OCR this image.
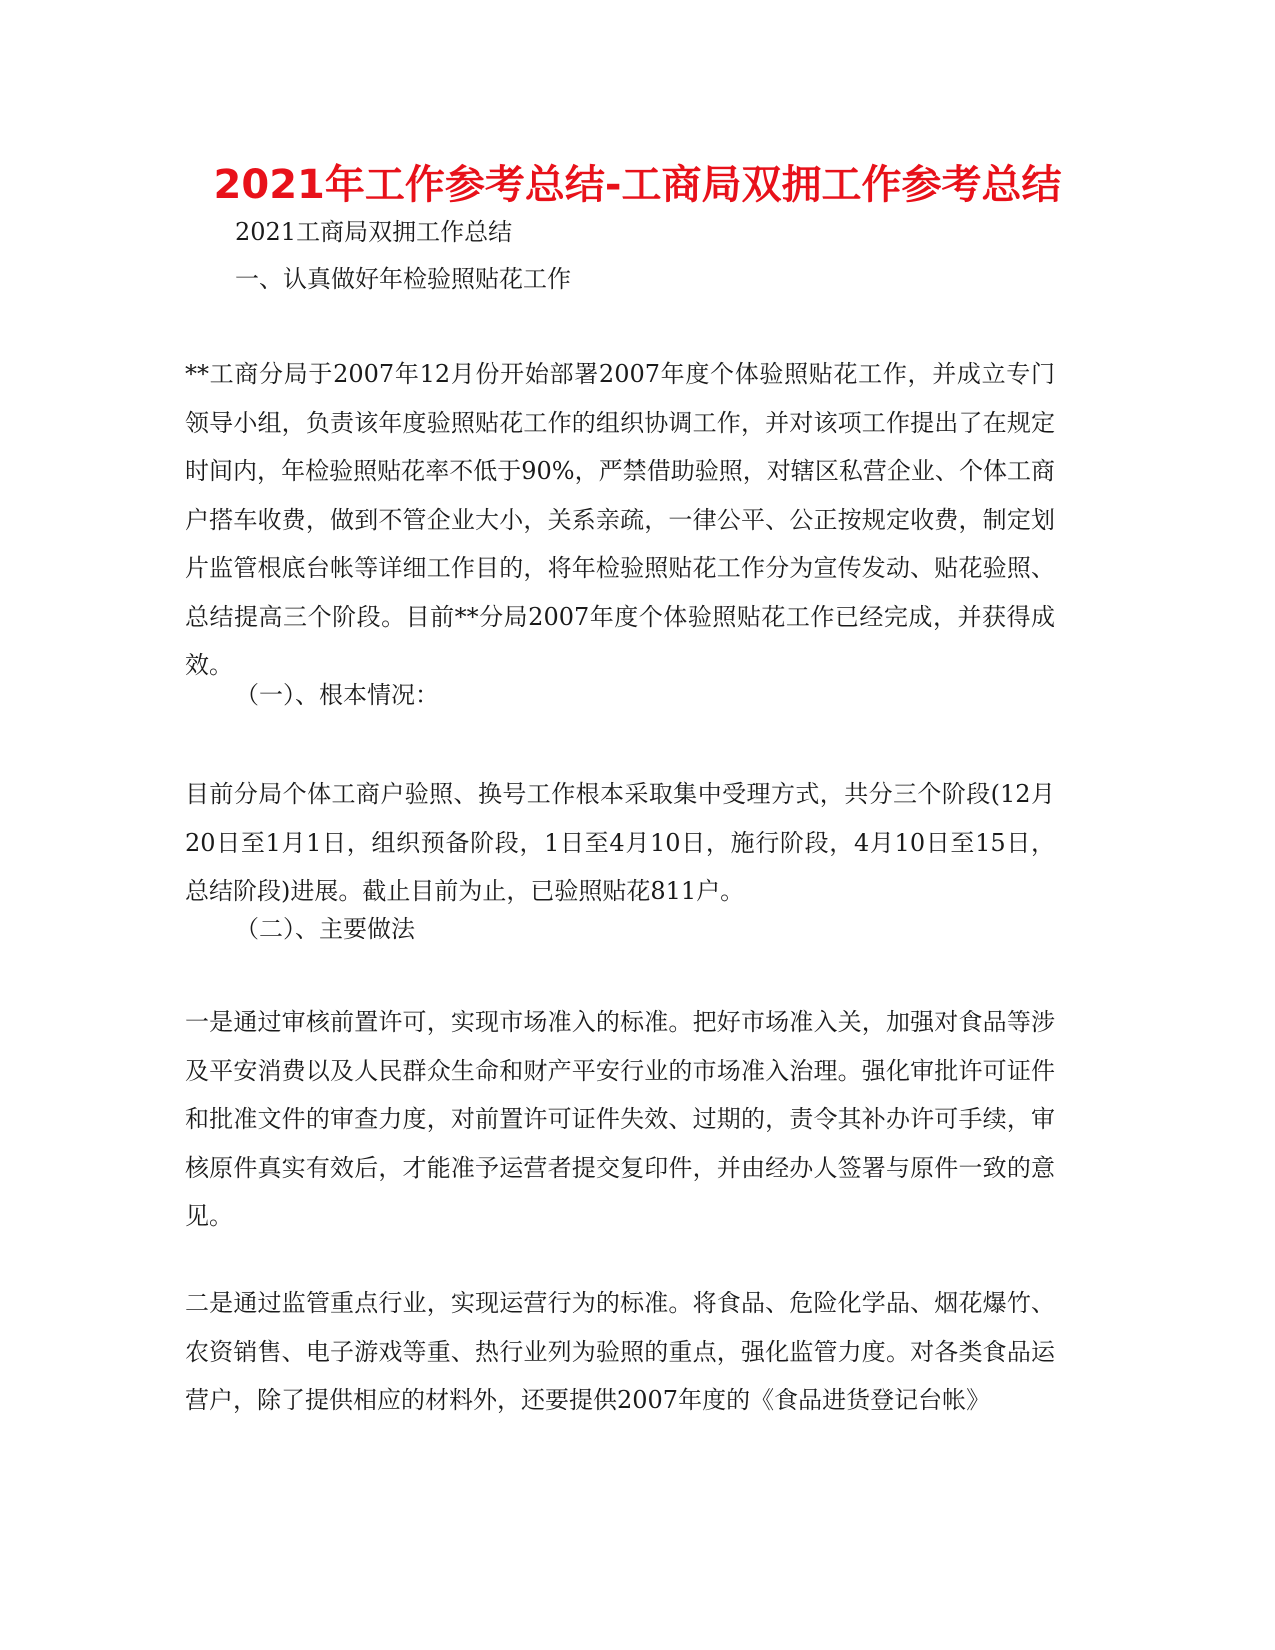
2021年工作参考总结-工商局双拥工作参考总结

2021工商局双拥工作总结

一、认真做好年检验照贴花工作

**工商分局于2007年12月份开始部署2007年度个体验照贴花工作，并成立专门领导小组，负责该年度验照贴花工作的组织协调工作，并对该项工作提出了在规定时间内，年检验照贴花率不低于90%，严禁借助验照，对辖区私营企业、个体工商户搭车收费，做到不管企业大小，关系亲疏，一律公平、公正按规定收费，制定划片监管根底台帐等详细工作目的，将年检验照贴花工作分为宣传发动、贴花验照、总结提高三个阶段。目前**分局2007年度个体验照贴花工作已经完成，并获得成效。

（一）、根本情况：

目前分局个体工商户验照、换号工作根本采取集中受理方式，共分三个阶段(12月20日至1月1日，组织预备阶段，1日至4月10日，施行阶段，4月10日至15日，总结阶段)进展。截止目前为止，已验照贴花811户。

（二）、主要做法

一是通过审核前置许可，实现市场准入的标准。把好市场准入关，加强对食品等涉及平安消费以及人民群众生命和财产平安行业的市场准入治理。强化审批许可证件和批准文件的审查力度，对前置许可证件失效、过期的，责令其补办许可手续，审核原件真实有效后，才能准予运营者提交复印件，并由经办人签署与原件一致的意见。

二是通过监管重点行业，实现运营行为的标准。将食品、危险化学品、烟花爆竹、农资销售、电子游戏等重、热行业列为验照的重点，强化监管力度。对各类食品运营户，除了提供相应的材料外，还要提供2007年度的《食品进货登记台帐》
